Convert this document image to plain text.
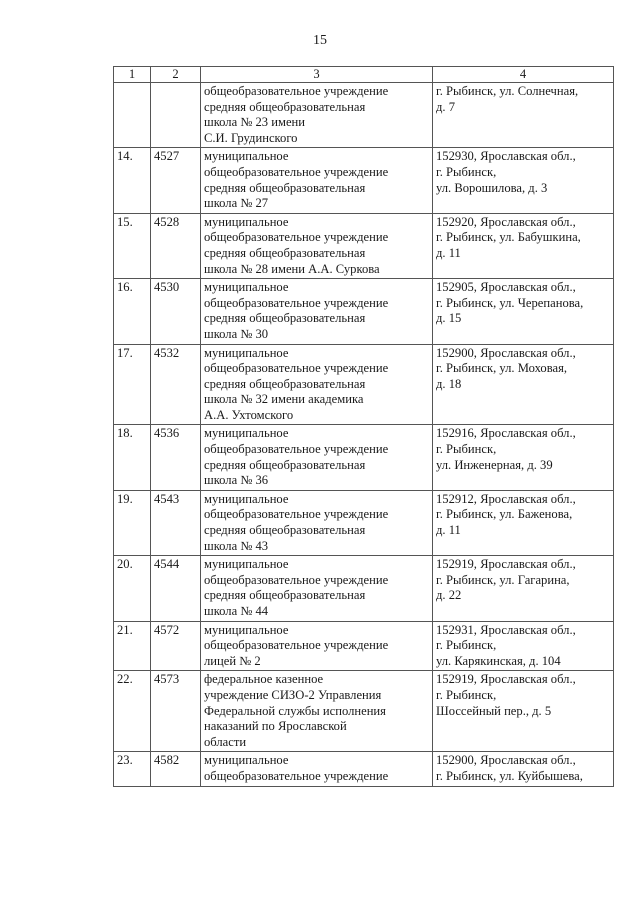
15
1	2	3	4
		общеобразовательное учреждение
средняя общеобразовательная
школа № 23 имени
С.И. Грудинского	г. Рыбинск, ул. Солнечная,
д. 7
14.	4527	муниципальное
общеобразовательное учреждение
средняя общеобразовательная
школа № 27	152930, Ярославская обл.,
г. Рыбинск,
ул. Ворошилова, д. 3
15.	4528	муниципальное
общеобразовательное учреждение
средняя общеобразовательная
школа № 28 имени А.А. Суркова	152920, Ярославская обл.,
г. Рыбинск, ул. Бабушкина,
д. 11
16.	4530	муниципальное
общеобразовательное учреждение
средняя общеобразовательная
школа № 30	152905, Ярославская обл.,
г. Рыбинск, ул. Черепанова,
д. 15
17.	4532	муниципальное
общеобразовательное учреждение
средняя общеобразовательная
школа № 32 имени академика
А.А. Ухтомского	152900, Ярославская обл.,
г. Рыбинск, ул. Моховая,
д. 18
18.	4536	муниципальное
общеобразовательное учреждение
средняя общеобразовательная
школа № 36	152916, Ярославская обл.,
г. Рыбинск,
ул. Инженерная, д. 39
19.	4543	муниципальное
общеобразовательное учреждение
средняя общеобразовательная
школа № 43	152912, Ярославская обл.,
г. Рыбинск, ул. Баженова,
д. 11
20.	4544	муниципальное
общеобразовательное учреждение
средняя общеобразовательная
школа № 44	152919, Ярославская обл.,
г. Рыбинск, ул. Гагарина,
д. 22
21.	4572	муниципальное
общеобразовательное учреждение
лицей № 2	152931, Ярославская обл.,
г. Рыбинск,
ул. Карякинская, д. 104
22.	4573	федеральное казенное
учреждение СИЗО-2 Управления
Федеральной службы исполнения
наказаний по Ярославской
области	152919, Ярославская обл.,
г. Рыбинск,
Шоссейный пер., д. 5
23.	4582	муниципальное
общеобразовательное учреждение	152900, Ярославская обл.,
г. Рыбинск, ул. Куйбышева,
